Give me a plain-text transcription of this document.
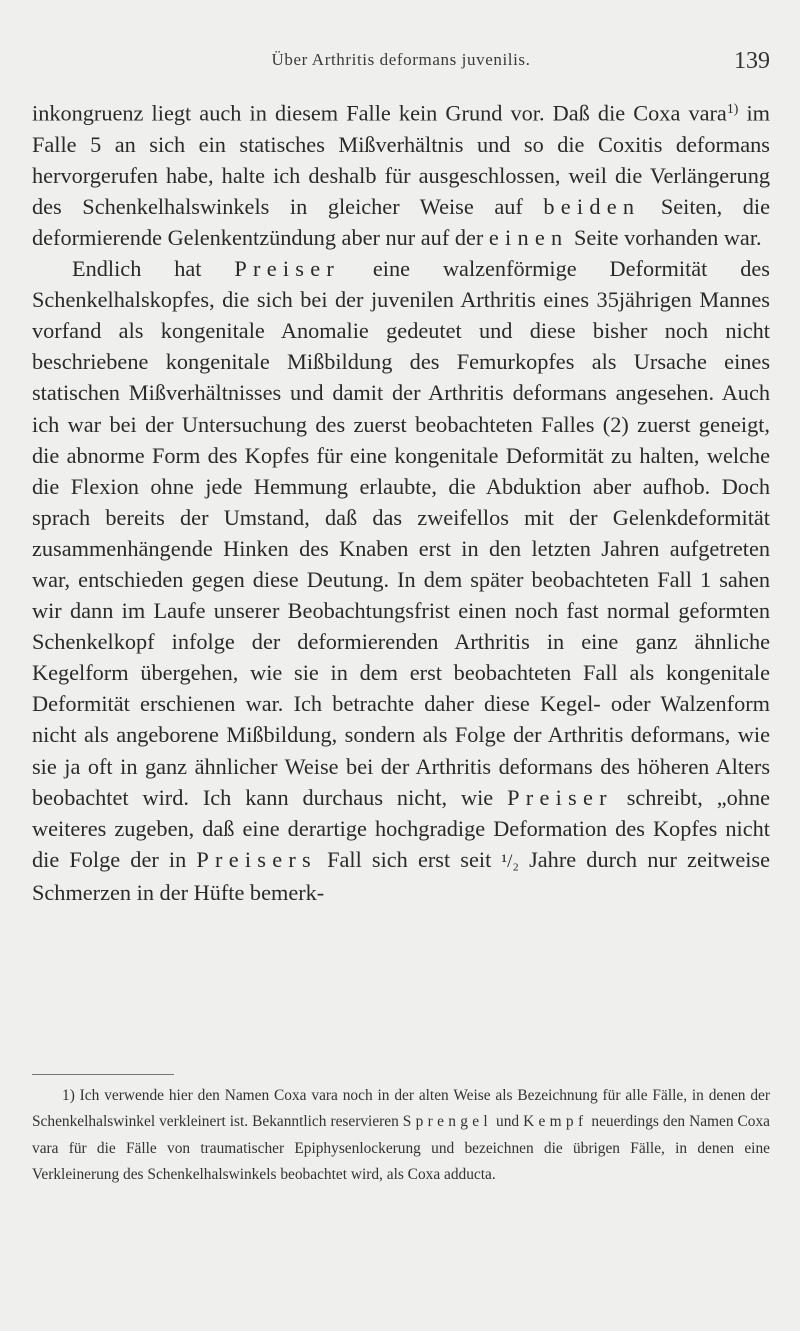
Über Arthritis deformans juvenilis.	139

inkongruenz liegt auch in diesem Falle kein Grund vor. Daß die Coxa vara$^{1)}$ im Falle 5 an sich ein statisches Mißverhältnis und so die Coxitis deformans hervorgerufen habe, halte ich deshalb für ausgeschlossen, weil die Verlängerung des Schenkelhalswinkels in gleicher Weise auf beiden Seiten, die deformierende Gelenkentzündung aber nur auf der einen Seite vorhanden war.

Endlich hat Preiser eine walzenförmige Deformität des Schenkelhalskopfes, die sich bei der juvenilen Arthritis eines 35jährigen Mannes vorfand als kongenitale Anomalie gedeutet und diese bisher noch nicht beschriebene kongenitale Mißbildung des Femurkopfes als Ursache eines statischen Mißverhältnisses und damit der Arthritis deformans angesehen. Auch ich war bei der Untersuchung des zuerst beobachteten Falles (2) zuerst geneigt, die abnorme Form des Kopfes für eine kongenitale Deformität zu halten, welche die Flexion ohne jede Hemmung erlaubte, die Abduktion aber aufhob. Doch sprach bereits der Umstand, daß das zweifellos mit der Gelenkdeformität zusammenhängende Hinken des Knaben erst in den letzten Jahren aufgetreten war, entschieden gegen diese Deutung. In dem später beobachteten Fall 1 sahen wir dann im Laufe unserer Beobachtungsfrist einen noch fast normal geformten Schenkelkopf infolge der deformierenden Arthritis in eine ganz ähnliche Kegelform übergehen, wie sie in dem erst beobachteten Fall als kongenitale Deformität erschienen war. Ich betrachte daher diese Kegel- oder Walzenform nicht als angeborene Mißbildung, sondern als Folge der Arthritis deformans, wie sie ja oft in ganz ähnlicher Weise bei der Arthritis deformans des höheren Alters beobachtet wird. Ich kann durchaus nicht, wie Preiser schreibt, „ohne weiteres zugeben, daß eine derartige hochgradige Deformation des Kopfes nicht die Folge der in Preisers Fall sich erst seit ¹/₂ Jahre durch nur zeitweise Schmerzen in der Hüfte bemerk-

1) Ich verwende hier den Namen Coxa vara noch in der alten Weise als Bezeichnung für alle Fälle, in denen der Schenkelhalswinkel verkleinert ist. Bekanntlich reservieren Sprengel und Kempf neuerdings den Namen Coxa vara für die Fälle von traumatischer Epiphysenlockerung und bezeichnen die übrigen Fälle, in denen eine Verkleinerung des Schenkelhalswinkels beobachtet wird, als Coxa adducta.
